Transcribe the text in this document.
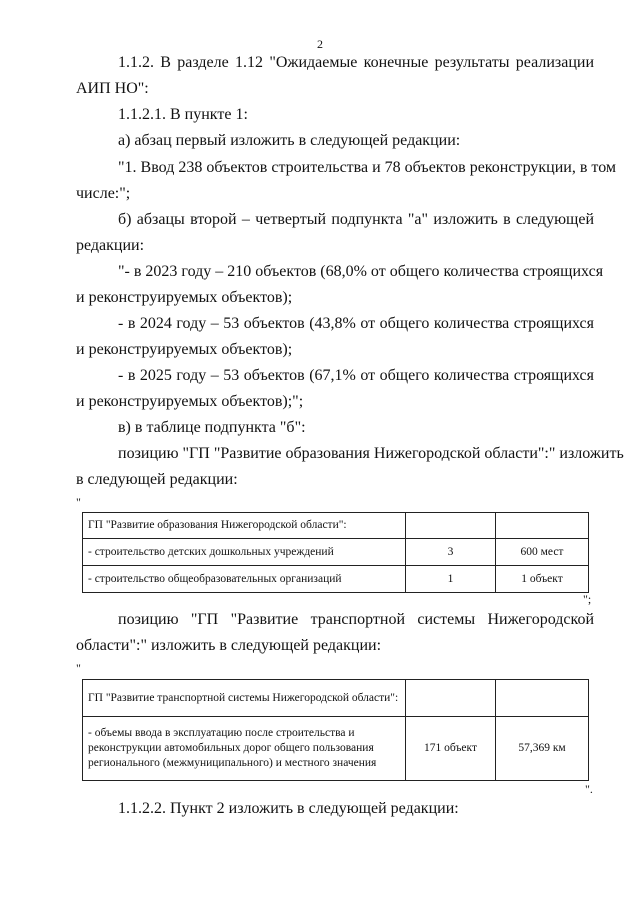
2
1.1.2. В разделе 1.12 "Ожидаемые конечные результаты реализации
АИП НО":
1.1.2.1. В пункте 1:
а) абзац первый изложить в следующей редакции:
"1. Ввод 238 объектов строительства и 78 объектов реконструкции, в том
числе:";
б) абзацы второй – четвертый подпункта "а" изложить в следующей
редакции:
"- в 2023 году – 210 объектов (68,0% от общего количества строящихся
и реконструируемых объектов);
- в 2024 году – 53 объектов (43,8% от общего количества строящихся
и реконструируемых объектов);
- в 2025 году – 53 объектов (67,1% от общего количества строящихся
и реконструируемых объектов);";
в) в таблице подпункта "б":
позицию "ГП "Развитие образования Нижегородской области":" изложить
в следующей редакции:
"
ГП "Развитие образования Нижегородской области":		
- строительство детских дошкольных учреждений	3	600 мест
- строительство общеобразовательных организаций	1	1 объект
";
позицию "ГП "Развитие транспортной системы Нижегородской
области":" изложить в следующей редакции:
"
ГП "Развитие транспортной системы Нижегородской области":		
- объемы ввода в эксплуатацию после строительства и реконструкции автомобильных дорог общего пользования регионального (межмуниципального) и местного значения	171 объект	57,369 км
".
1.1.2.2. Пункт 2 изложить в следующей редакции:
